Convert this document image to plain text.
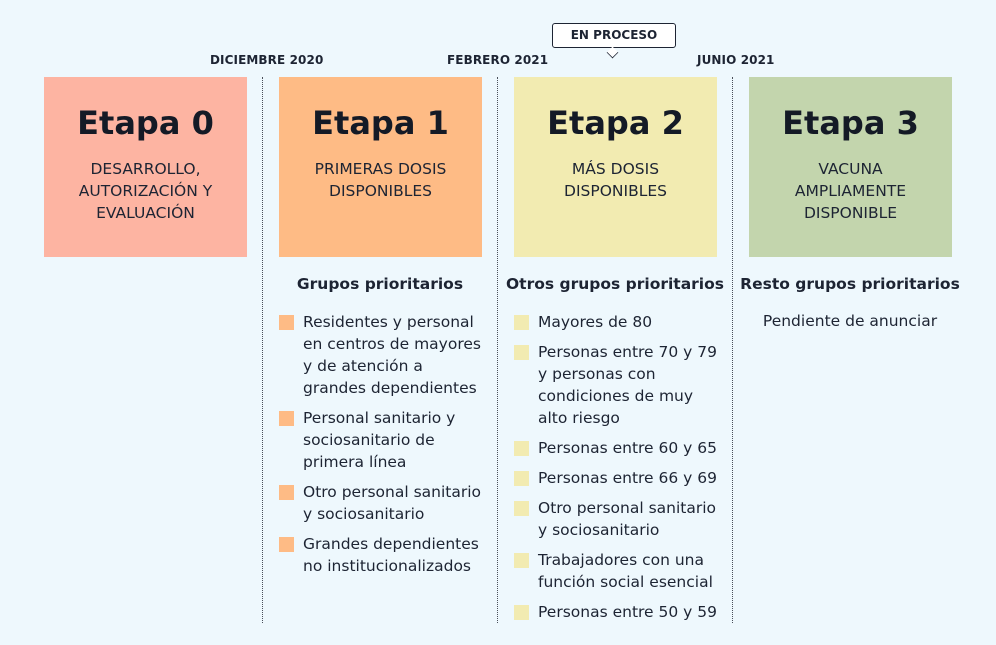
DICIEMBRE 2020	FEBRERO 2021	JUNIO 2021
EN PROCESO
Etapa 0
DESARROLLO,
AUTORIZACIÓN Y
EVALUACIÓN
Etapa 1
PRIMERAS DOSIS
DISPONIBLES
Etapa 2
MÁS DOSIS
DISPONIBLES
Etapa 3
VACUNA
AMPLIAMENTE
DISPONIBLE
Grupos prioritarios	Otros grupos prioritarios Resto grupos prioritarios
Residentes y personal en centros de mayores y de atención a grandes dependientes
Personal sanitario y sociosanitario de primera línea
Otro personal sanitario y sociosanitario
Grandes dependientes no institucionalizados
Mayores de 80
Personas entre 70 y 79 y personas con condiciones de muy alto riesgo
Personas entre 60 y 65
Personas entre 66 y 69
Otro personal sanitario y sociosanitario
Trabajadores con una función social esencial
Personas entre 50 y 59
Pendiente de anunciar
